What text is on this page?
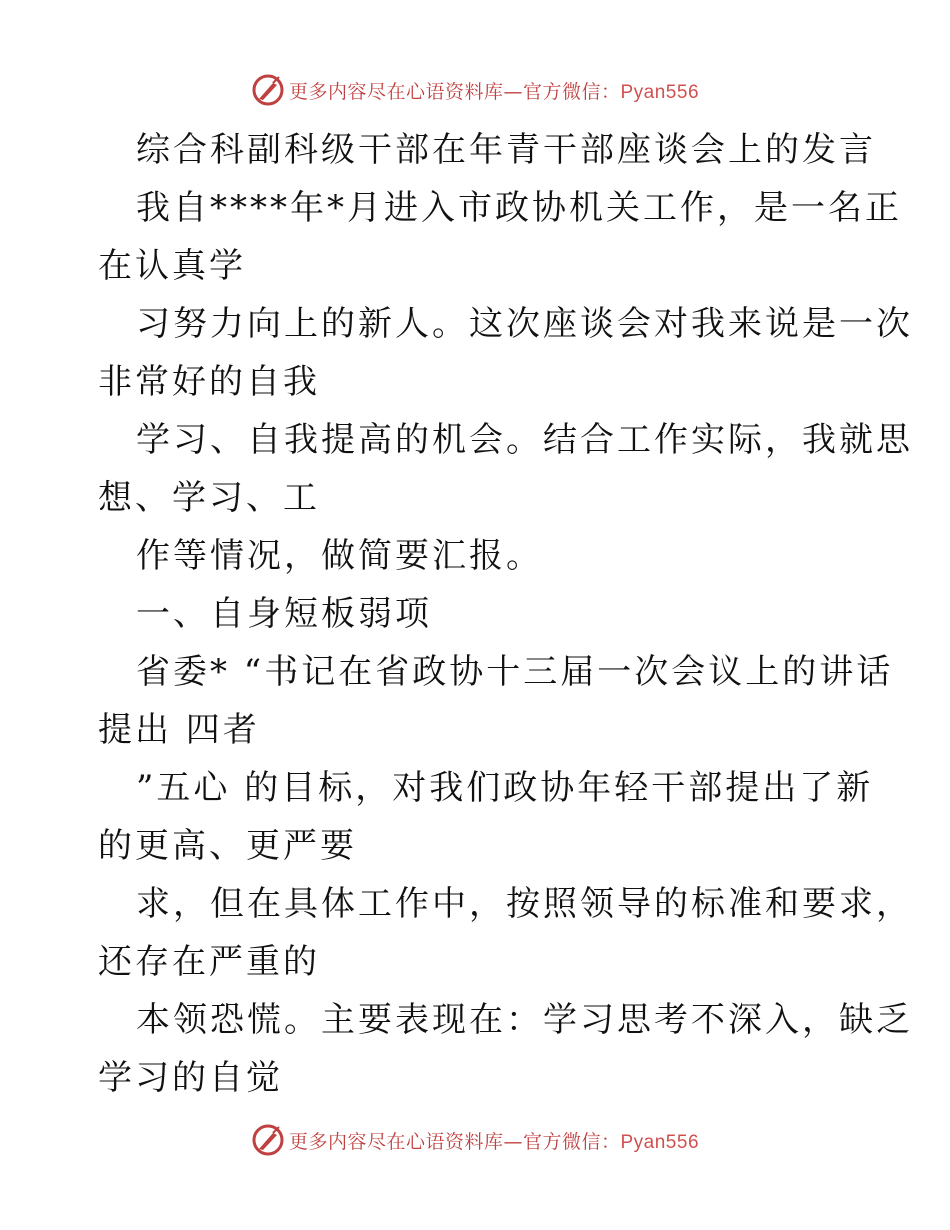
更多内容尽在心语资料库—官方微信：Pyan556
综合科副科级干部在年青干部座谈会上的发言
我自****年*月进入市政协机关工作，是一名正
在认真学
习努力向上的新人。这次座谈会对我来说是一次
非常好的自我
学习、自我提高的机会。结合工作实际，我就思
想、学习、工
作等情况，做简要汇报。
一、自身短板弱项
省委* “书记在省政协十三届一次会议上的讲话
提出 四者
”五心 的目标，对我们政协年轻干部提出了新
的更高、更严要
求，但在具体工作中，按照领导的标准和要求，
还存在严重的
本领恐慌。主要表现在：学习思考不深入，缺乏
学习的自觉
更多内容尽在心语资料库—官方微信：Pyan556
